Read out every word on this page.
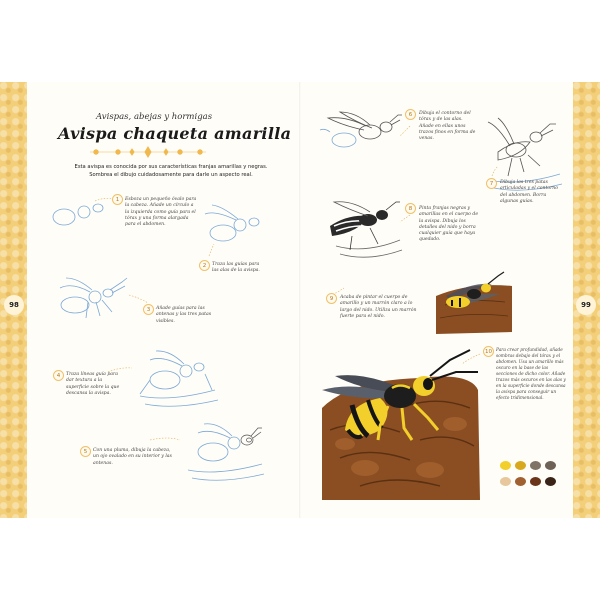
98	99
Avispas, abejas y hormigas
Avispa chaqueta amarilla
Esta avispa es conocida por sus características franjas amarillas y negras.
Sombrea el dibujo cuidadosamente para darle un aspecto real.
1	Esboza un pequeño óvalo para la cabeza. Añade un círculo a la izquierda como guía para el tórax y una forma alargada para el abdomen.
2	Traza las guías para las alas de la avispa.
3	Añade guías para las antenas y las tres patas visibles.
4	Traza líneas guía para dar textura a la superficie sobre la que descansa la avispa.
5	Con una pluma, dibuja la cabeza, un ojo ovalado en su interior y las antenas.
6	Dibuja el contorno del tórax y de las alas. Añade en ellas unos trazos finos en forma de venas.
7	Dibuja las tres patas articuladas y el contorno del abdomen. Borra algunas guías.
8	Pinta franjas negras y amarillas en el cuerpo de la avispa. Dibuja los detalles del nido y borra cualquier guía que haya quedado.
9	Acaba de pintar el cuerpo de amarillo y un marrón claro a lo largo del nido. Utiliza un marrón fuerte para el nido.
10 Para crear profundidad, añade sombras debajo del tórax y el abdomen. Usa un amarillo más oscuro en la base de las secciones de dicho color. Añade trazos más oscuros en las alas y en la superficie donde descansa la avispa para conseguir un efecto tridimensional.
